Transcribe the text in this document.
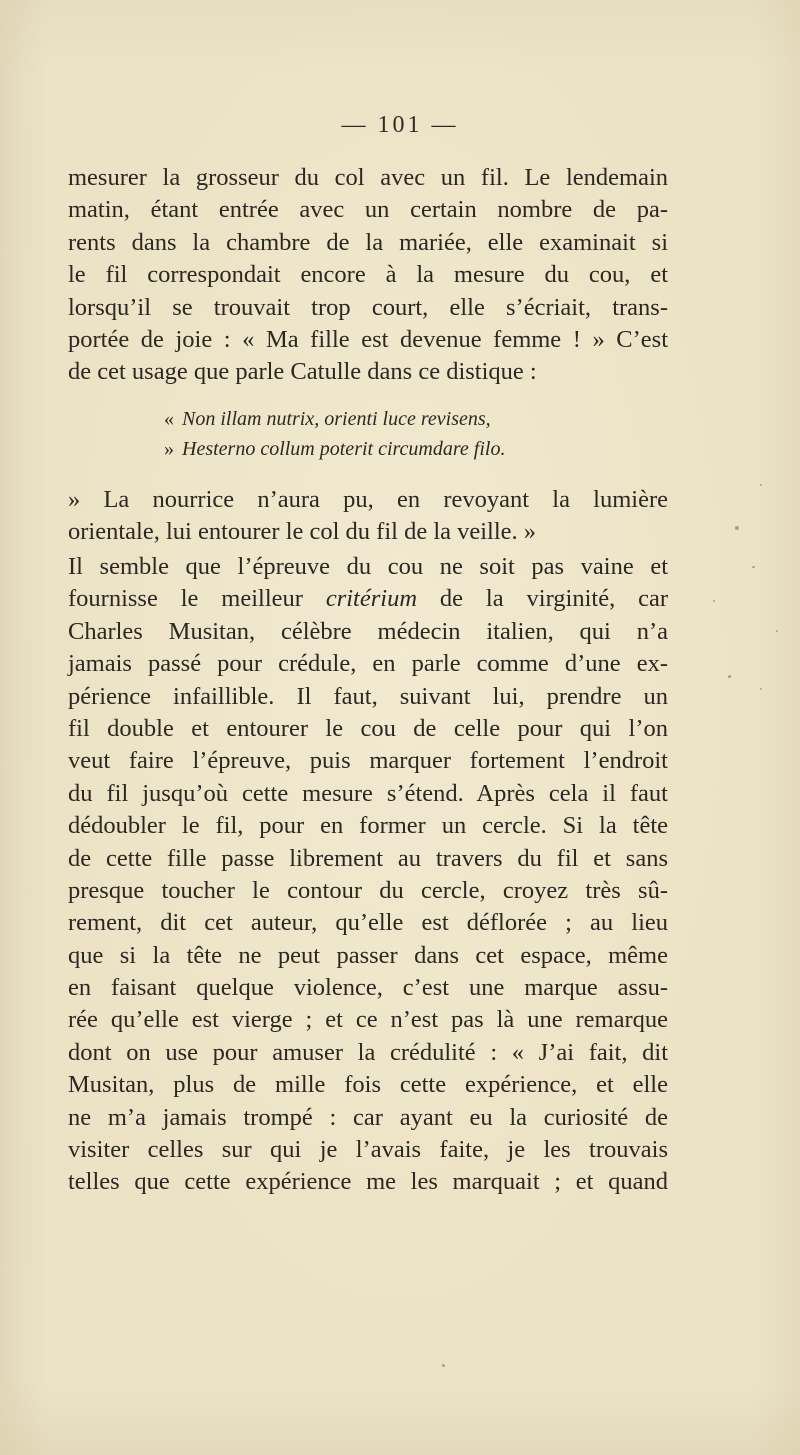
— 101 —
mesurer la grosseur du col avec un fil. Le lendemain
matin, étant entrée avec un certain nombre de pa-
rents dans la chambre de la mariée, elle examinait si
le fil correspondait encore à la mesure du cou, et
lorsqu’il se trouvait trop court, elle s’écriait, trans-
portée de joie : « Ma fille est devenue femme ! » C’est
de cet usage que parle Catulle dans ce distique :
« Non illam nutrix, orienti luce revisens,
» Hesterno collum poterit circumdare filo.
» La nourrice n’aura pu, en revoyant la lumière
orientale, lui entourer le col du fil de la veille. »
Il semble que l’épreuve du cou ne soit pas vaine et
fournisse le meilleur critérium de la virginité, car
Charles Musitan, célèbre médecin italien, qui n’a
jamais passé pour crédule, en parle comme d’une ex-
périence infaillible. Il faut, suivant lui, prendre un
fil double et entourer le cou de celle pour qui l’on
veut faire l’épreuve, puis marquer fortement l’endroit
du fil jusqu’où cette mesure s’étend. Après cela il faut
dédoubler le fil, pour en former un cercle. Si la tête
de cette fille passe librement au travers du fil et sans
presque toucher le contour du cercle, croyez très sû-
rement, dit cet auteur, qu’elle est déflorée ; au lieu
que si la tête ne peut passer dans cet espace, même
en faisant quelque violence, c’est une marque assu-
rée qu’elle est vierge ; et ce n’est pas là une remarque
dont on use pour amuser la crédulité : « J’ai fait, dit
Musitan, plus de mille fois cette expérience, et elle
ne m’a jamais trompé : car ayant eu la curiosité de
visiter celles sur qui je l’avais faite, je les trouvais
telles que cette expérience me les marquait ; et quand
